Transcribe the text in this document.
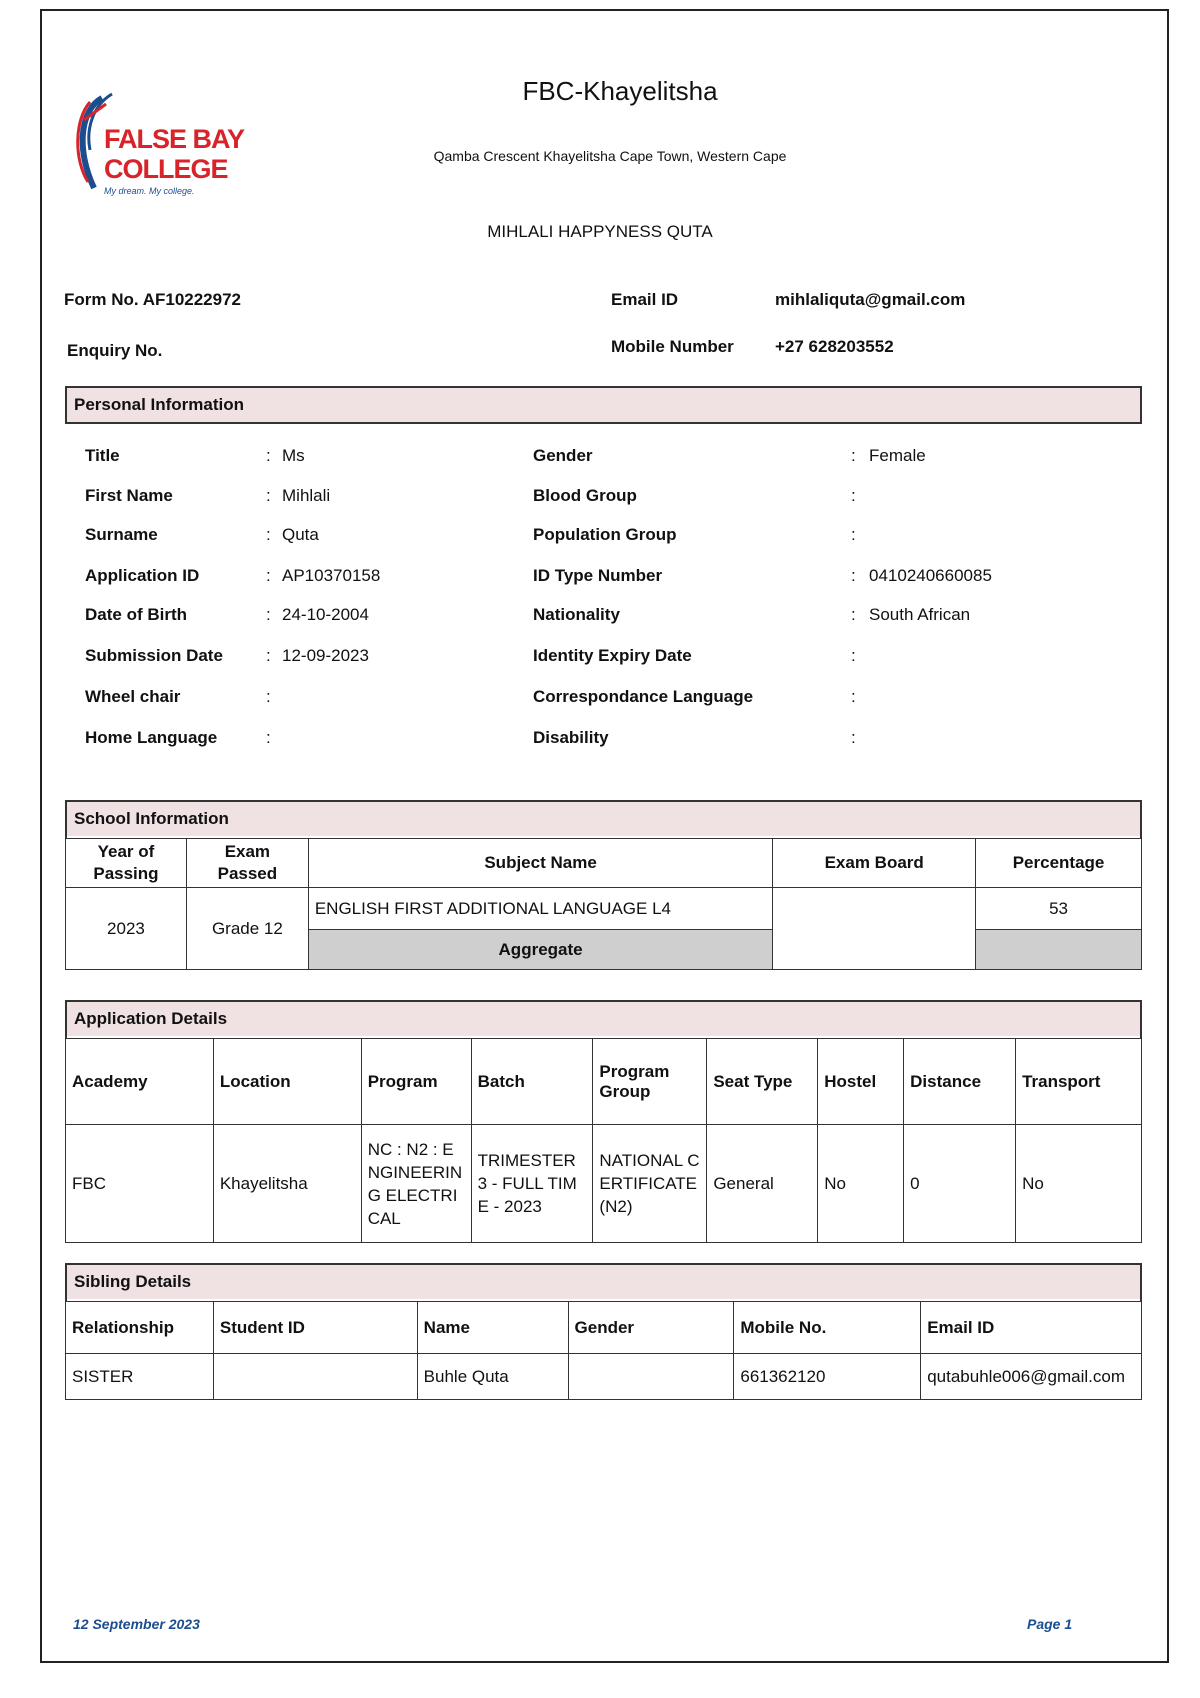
FALSE BAY
COLLEGE
My dream. My college.
FBC-Khayelitsha
Qamba Crescent Khayelitsha Cape Town, Western Cape
MIHLALI HAPPYNESS QUTA
Form No. AF10222972
Enquiry No.
Email ID	mihlaliquta@gmail.com
Mobile Number +27 628203552
Personal Information
Title	: Ms
First Name	: Mihlali
Surname	: Quta
Application ID	: AP10370158
Date of Birth	: 24-10-2004
Submission Date	: 12-09-2023
Wheel chair	:
Home Language	:
Gender	: Female
Blood Group	:
Population Group	:
ID Type Number	: 0410240660085
Nationality	: South African
Identity Expiry Date	:
Correspondance Language	:
Disability	:
School Information
Year of Passing	Exam Passed	Subject Name	Exam Board	Percentage
2023	Grade 12	ENGLISH FIRST ADDITIONAL LANGUAGE L4		53
		Aggregate		
Application Details
Academy	Location	Program	Batch	Program Group	Seat Type	Hostel	Distance	Transport
FBC	Khayelitsha	NC : N2 : ENGINEERING ELECTRICAL	TRIMESTER 3 - FULL TIME - 2023	NATIONAL CERTIFICATE (N2)	General	No	0	No
Sibling Details
Relationship	Student ID	Name	Gender	Mobile No.	Email ID
SISTER		Buhle Quta		661362120	qutabuhle006@gmail.com
12 September 2023	Page 1
